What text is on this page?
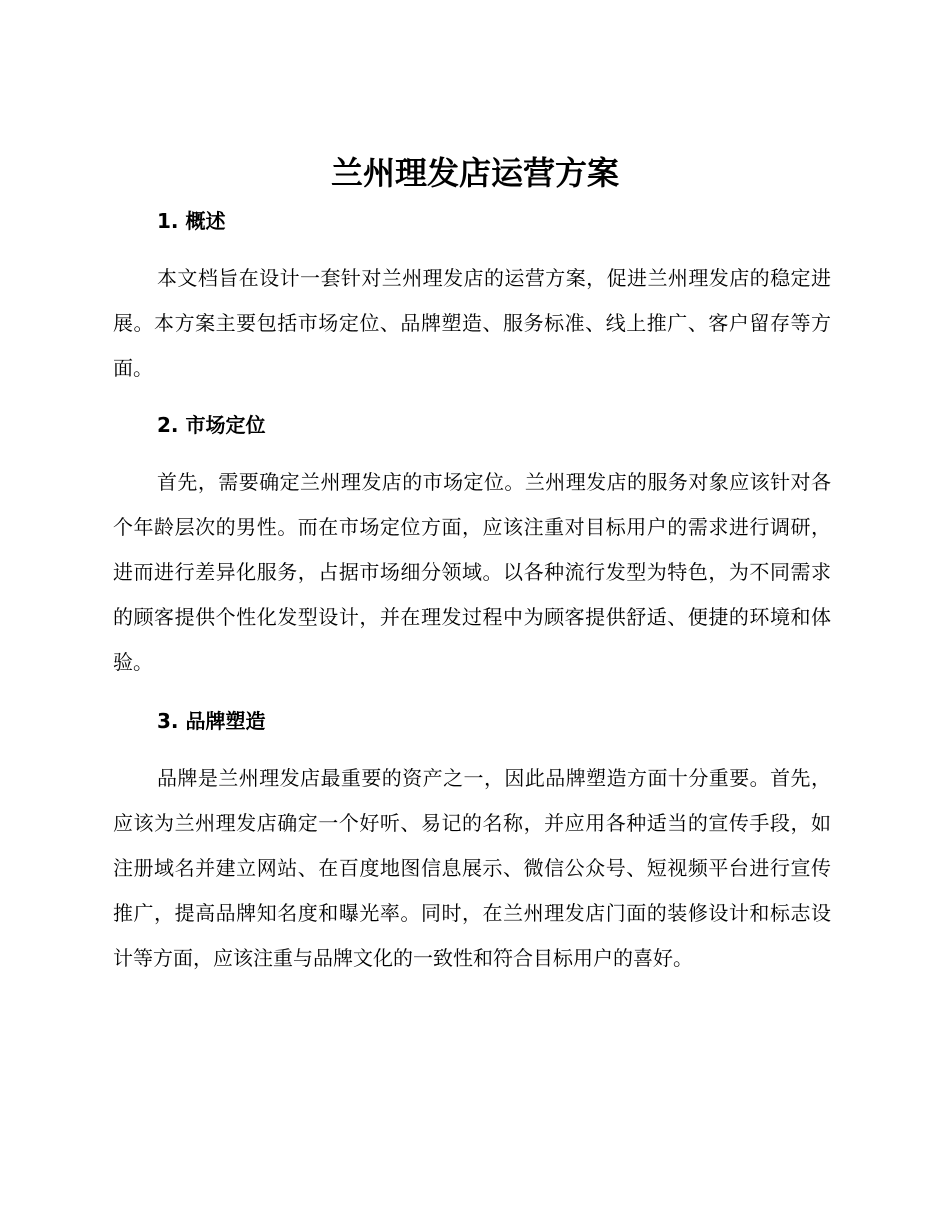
兰州理发店运营方案
1. 概述

本文档旨在设计一套针对兰州理发店的运营方案，促进兰州理发店的稳定进展。本方案主要包括市场定位、品牌塑造、服务标准、线上推广、客户留存等方面。

2. 市场定位

首先，需要确定兰州理发店的市场定位。兰州理发店的服务对象应该针对各个年龄层次的男性。而在市场定位方面，应该注重对目标用户的需求进行调研，进而进行差异化服务，占据市场细分领域。以各种流行发型为特色，为不同需求的顾客提供个性化发型设计，并在理发过程中为顾客提供舒适、便捷的环境和体验。

3. 品牌塑造

品牌是兰州理发店最重要的资产之一，因此品牌塑造方面十分重要。首先，应该为兰州理发店确定一个好听、易记的名称，并应用各种适当的宣传手段，如注册域名并建立网站、在百度地图信息展示、微信公众号、短视频平台进行宣传推广，提高品牌知名度和曝光率。同时，在兰州理发店门面的装修设计和标志设计等方面，应该注重与品牌文化的一致性和符合目标用户的喜好。
